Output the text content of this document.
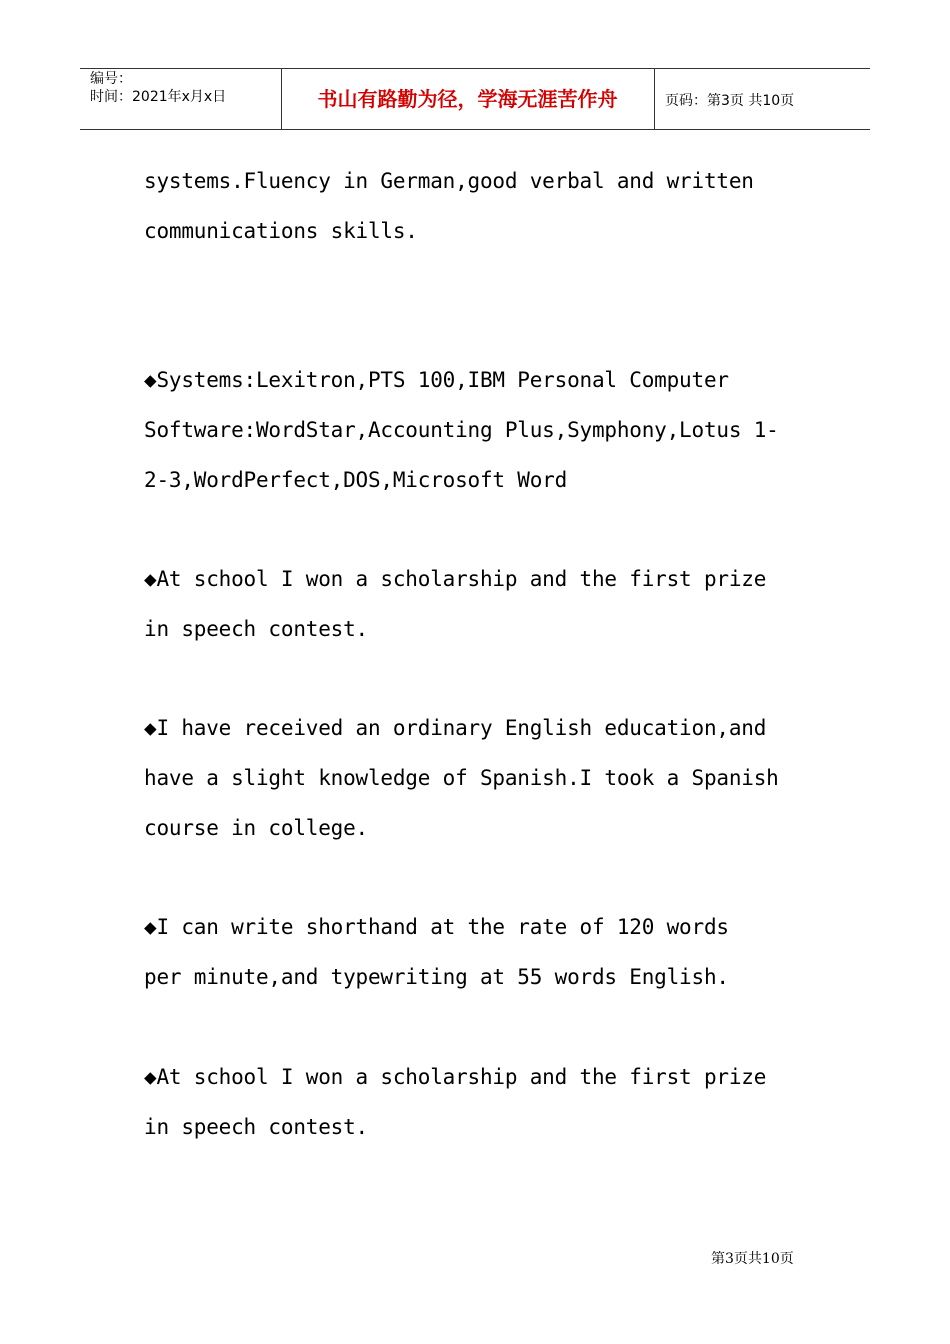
编号：
时间：2021年x月x日	书山有路勤为径，学海无涯苦作舟	页码：第3页 共10页
systems.Fluency in German,good verbal and written
communications skills.
◆Systems:Lexitron,PTS 100,IBM Personal Computer
Software:WordStar,Accounting Plus,Symphony,Lotus 1-
2-3,WordPerfect,DOS,Microsoft Word
◆At school I won a scholarship and the first prize
in speech contest.
◆I have received an ordinary English education,and
have a slight knowledge of Spanish.I took a Spanish
course in college.
◆I can write shorthand at the rate of 120 words
per minute,and typewriting at 55 words English.
◆At school I won a scholarship and the first prize
in speech contest.
第3页共10页
